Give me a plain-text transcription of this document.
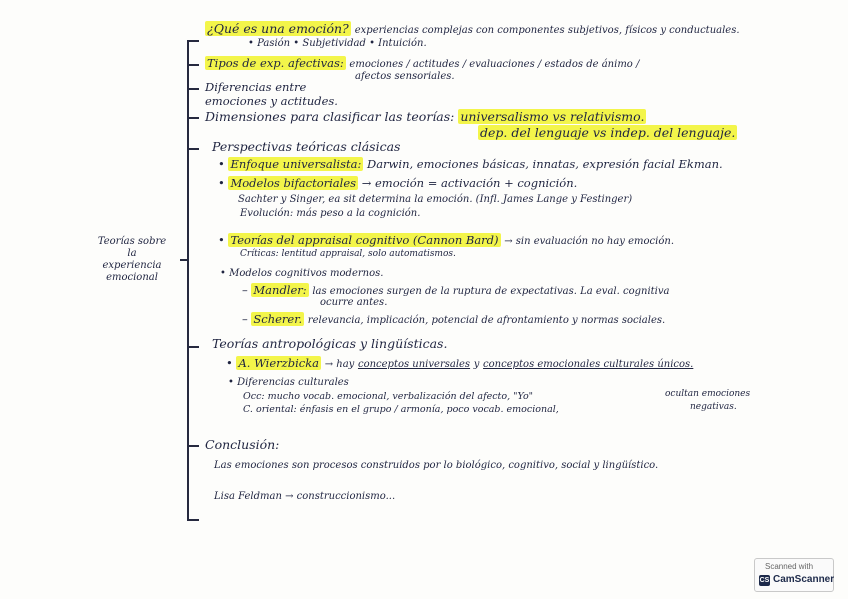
Teorías sobre la
experiencia
emocional
¿Qué es una emoción? experiencias complejas con componentes subjetivos, físicos y conductuales.
• Pasión • Subjetividad • Intuición.
Tipos de exp. afectivas: emociones / actitudes / evaluaciones / estados de ánimo /
afectos sensoriales.
Diferencias entre
emociones y actitudes.
Dimensiones para clasificar las teorías: universalismo vs relativismo.
dep. del lenguaje vs indep. del lenguaje.
Perspectivas teóricas clásicas
• Enfoque universalista: Darwin, emociones básicas, innatas, expresión facial Ekman.
• Modelos bifactoriales → emoción = activación + cognición.
Sachter y Singer, ea sit determina la emoción. (Infl. James Lange y Festinger)
Evolución: más peso a la cognición.
• Teorías del appraisal cognitivo (Cannon Bard) → sin evaluación no hay emoción.
Críticas: lentitud appraisal, solo automatismos.
• Modelos cognitivos modernos.
– Mandler: las emociones surgen de la ruptura de expectativas. La eval. cognitiva
ocurre antes.
– Scherer. relevancia, implicación, potencial de afrontamiento y normas sociales.
Teorías antropológicas y lingüísticas.
• A. Wierzbicka → hay conceptos universales y conceptos emocionales culturales únicos.
• Diferencias culturales
Occ: mucho vocab. emocional, verbalización del afecto, "Yo"
C. oriental: énfasis en el grupo / armonía, poco vocab. emocional,
ocultan emociones
negativas.
Conclusión:
Las emociones son procesos construidos por lo biológico, cognitivo, social y lingüístico.
Lisa Feldman → construccionismo...
Scanned with
CS CamScanner
